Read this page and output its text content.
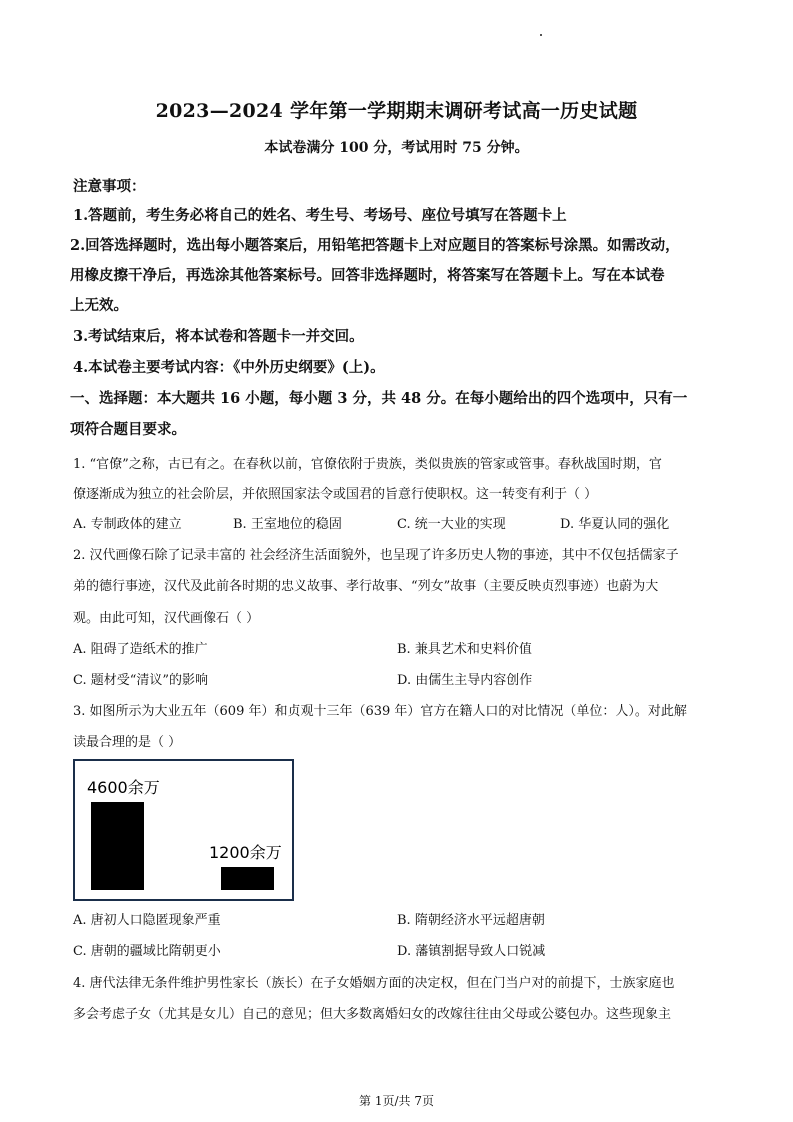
2023—2024 学年第一学期期末调研考试高一历史试题
本试卷满分 100 分，考试用时 75 分钟。
注意事项：
1.答题前，考生务必将自己的姓名、考生号、考场号、座位号填写在答题卡上
2.回答选择题时，选出每小题答案后，用铅笔把答题卡上对应题目的答案标号涂黑。如需改动，
用橡皮擦干净后，再选涂其他答案标号。回答非选择题时，将答案写在答题卡上。写在本试卷
上无效。
3.考试结束后，将本试卷和答题卡一并交回。
4.本试卷主要考试内容：《中外历史纲要》(上)。
一、选择题：本大题共 16 小题，每小题 3 分，共 48 分。在每小题给出的四个选项中，只有一
项符合题目要求。
1. “官僚”之称，古已有之。在春秋以前，官僚依附于贵族，类似贵族的管家或管事。春秋战国时期，官
僚逐渐成为独立的社会阶层，并依照国家法令或国君的旨意行使职权。这一转变有利于（ ）
A. 专制政体的建立	B. 王室地位的稳固	C. 统一大业的实现	D. 华夏认同的强化
2. 汉代画像石除了记录丰富的 社会经济生活面貌外，也呈现了许多历史人物的事迹，其中不仅包括儒家子
弟的德行事迹，汉代及此前各时期的忠义故事、孝行故事、“列女”故事（主要反映贞烈事迹）也蔚为大
观。由此可知，汉代画像石（ ）
A. 阻碍了造纸术的推广	B. 兼具艺术和史料价值
C. 题材受“清议”的影响	D. 由儒生主导内容创作
3. 如图所示为大业五年（609 年）和贞观十三年（639 年）官方在籍人口的对比情况（单位：人）。对此解
读最合理的是（ ）
4600余万
1200余万
A. 唐初人口隐匿现象严重	B. 隋朝经济水平远超唐朝
C. 唐朝的疆域比隋朝更小	D. 藩镇割据导致人口锐减
4. 唐代法律无条件维护男性家长（族长）在子女婚姻方面的决定权，但在门当户对的前提下，士族家庭也
多会考虑子女（尤其是女儿）自己的意见；但大多数离婚妇女的改嫁往往由父母或公婆包办。这些现象主
第 1页/共 7页
